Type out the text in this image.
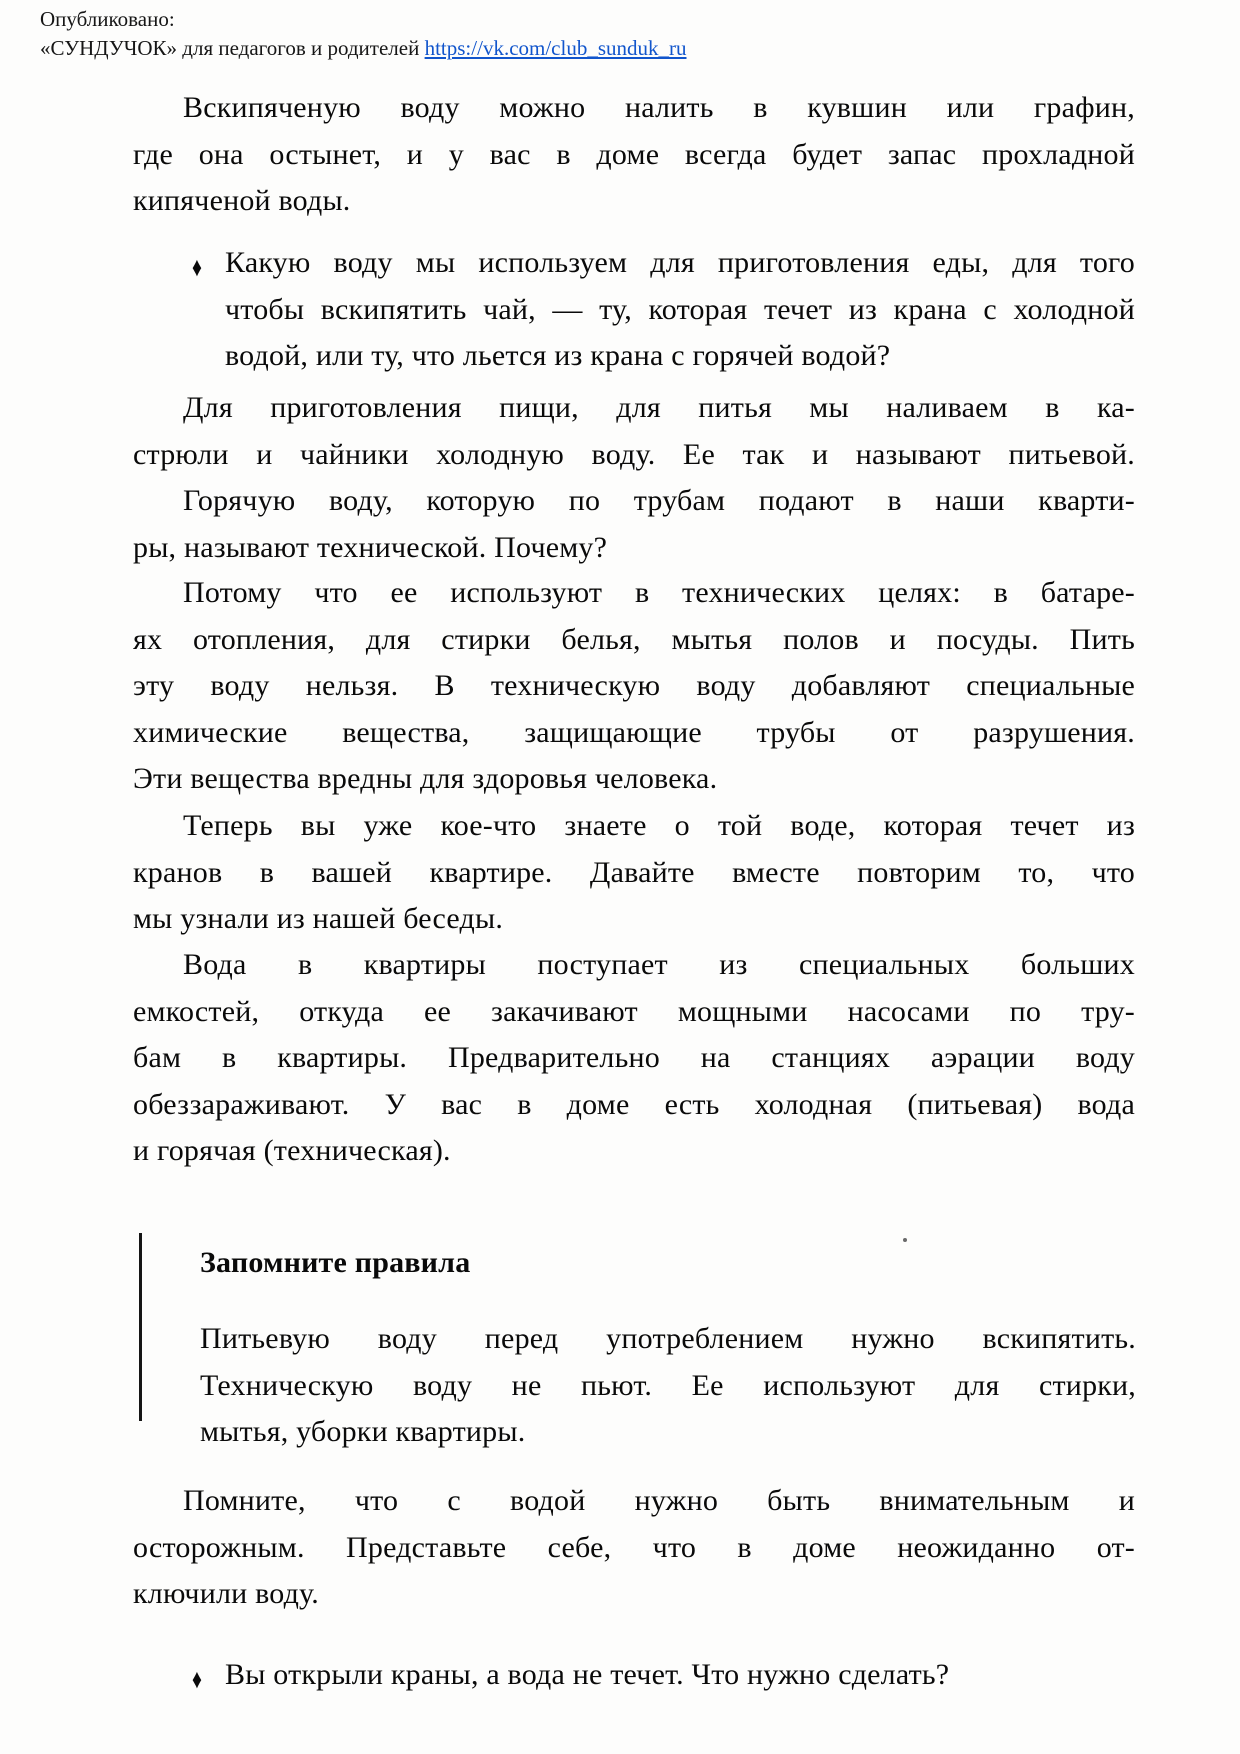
Опубликовано:
«СУНДУЧОК» для педагогов и родителей https://vk.com/club_sunduk_ru
Вскипяченую воду можно налить в кувшин или графин,
где она остынет, и у вас в доме всегда будет запас прохладной
кипяченой воды.
♦ Какую воду мы используем для приготовления еды, для того
чтобы вскипятить чай, — ту, которая течет из крана с холодной
водой, или ту, что льется из крана с горячей водой?
Для приготовления пищи, для питья мы наливаем в ка-
стрюли и чайники холодную воду. Ее так и называют питьевой.
Горячую воду, которую по трубам подают в наши кварти-
ры, называют технической. Почему?
Потому что ее используют в технических целях: в батаре-
ях отопления, для стирки белья, мытья полов и посуды. Пить
эту воду нельзя. В техническую воду добавляют специальные
химические вещества, защищающие трубы от разрушения.
Эти вещества вредны для здоровья человека.
Теперь вы уже кое-что знаете о той воде, которая течет из
кранов в вашей квартире. Давайте вместе повторим то, что
мы узнали из нашей беседы.
Вода в квартиры поступает из специальных больших
емкостей, откуда ее закачивают мощными насосами по тру-
бам в квартиры. Предварительно на станциях аэрации воду
обеззараживают. У вас в доме есть холодная (питьевая) вода
и горячая (техническая).
Запомните правила
Питьевую воду перед употреблением нужно вскипятить.
Техническую воду не пьют. Ее используют для стирки,
мытья, уборки квартиры.
Помните, что с водой нужно быть внимательным и
осторожным. Представьте себе, что в доме неожиданно от-
ключили воду.
♦ Вы открыли краны, а вода не течет. Что нужно сделать?
